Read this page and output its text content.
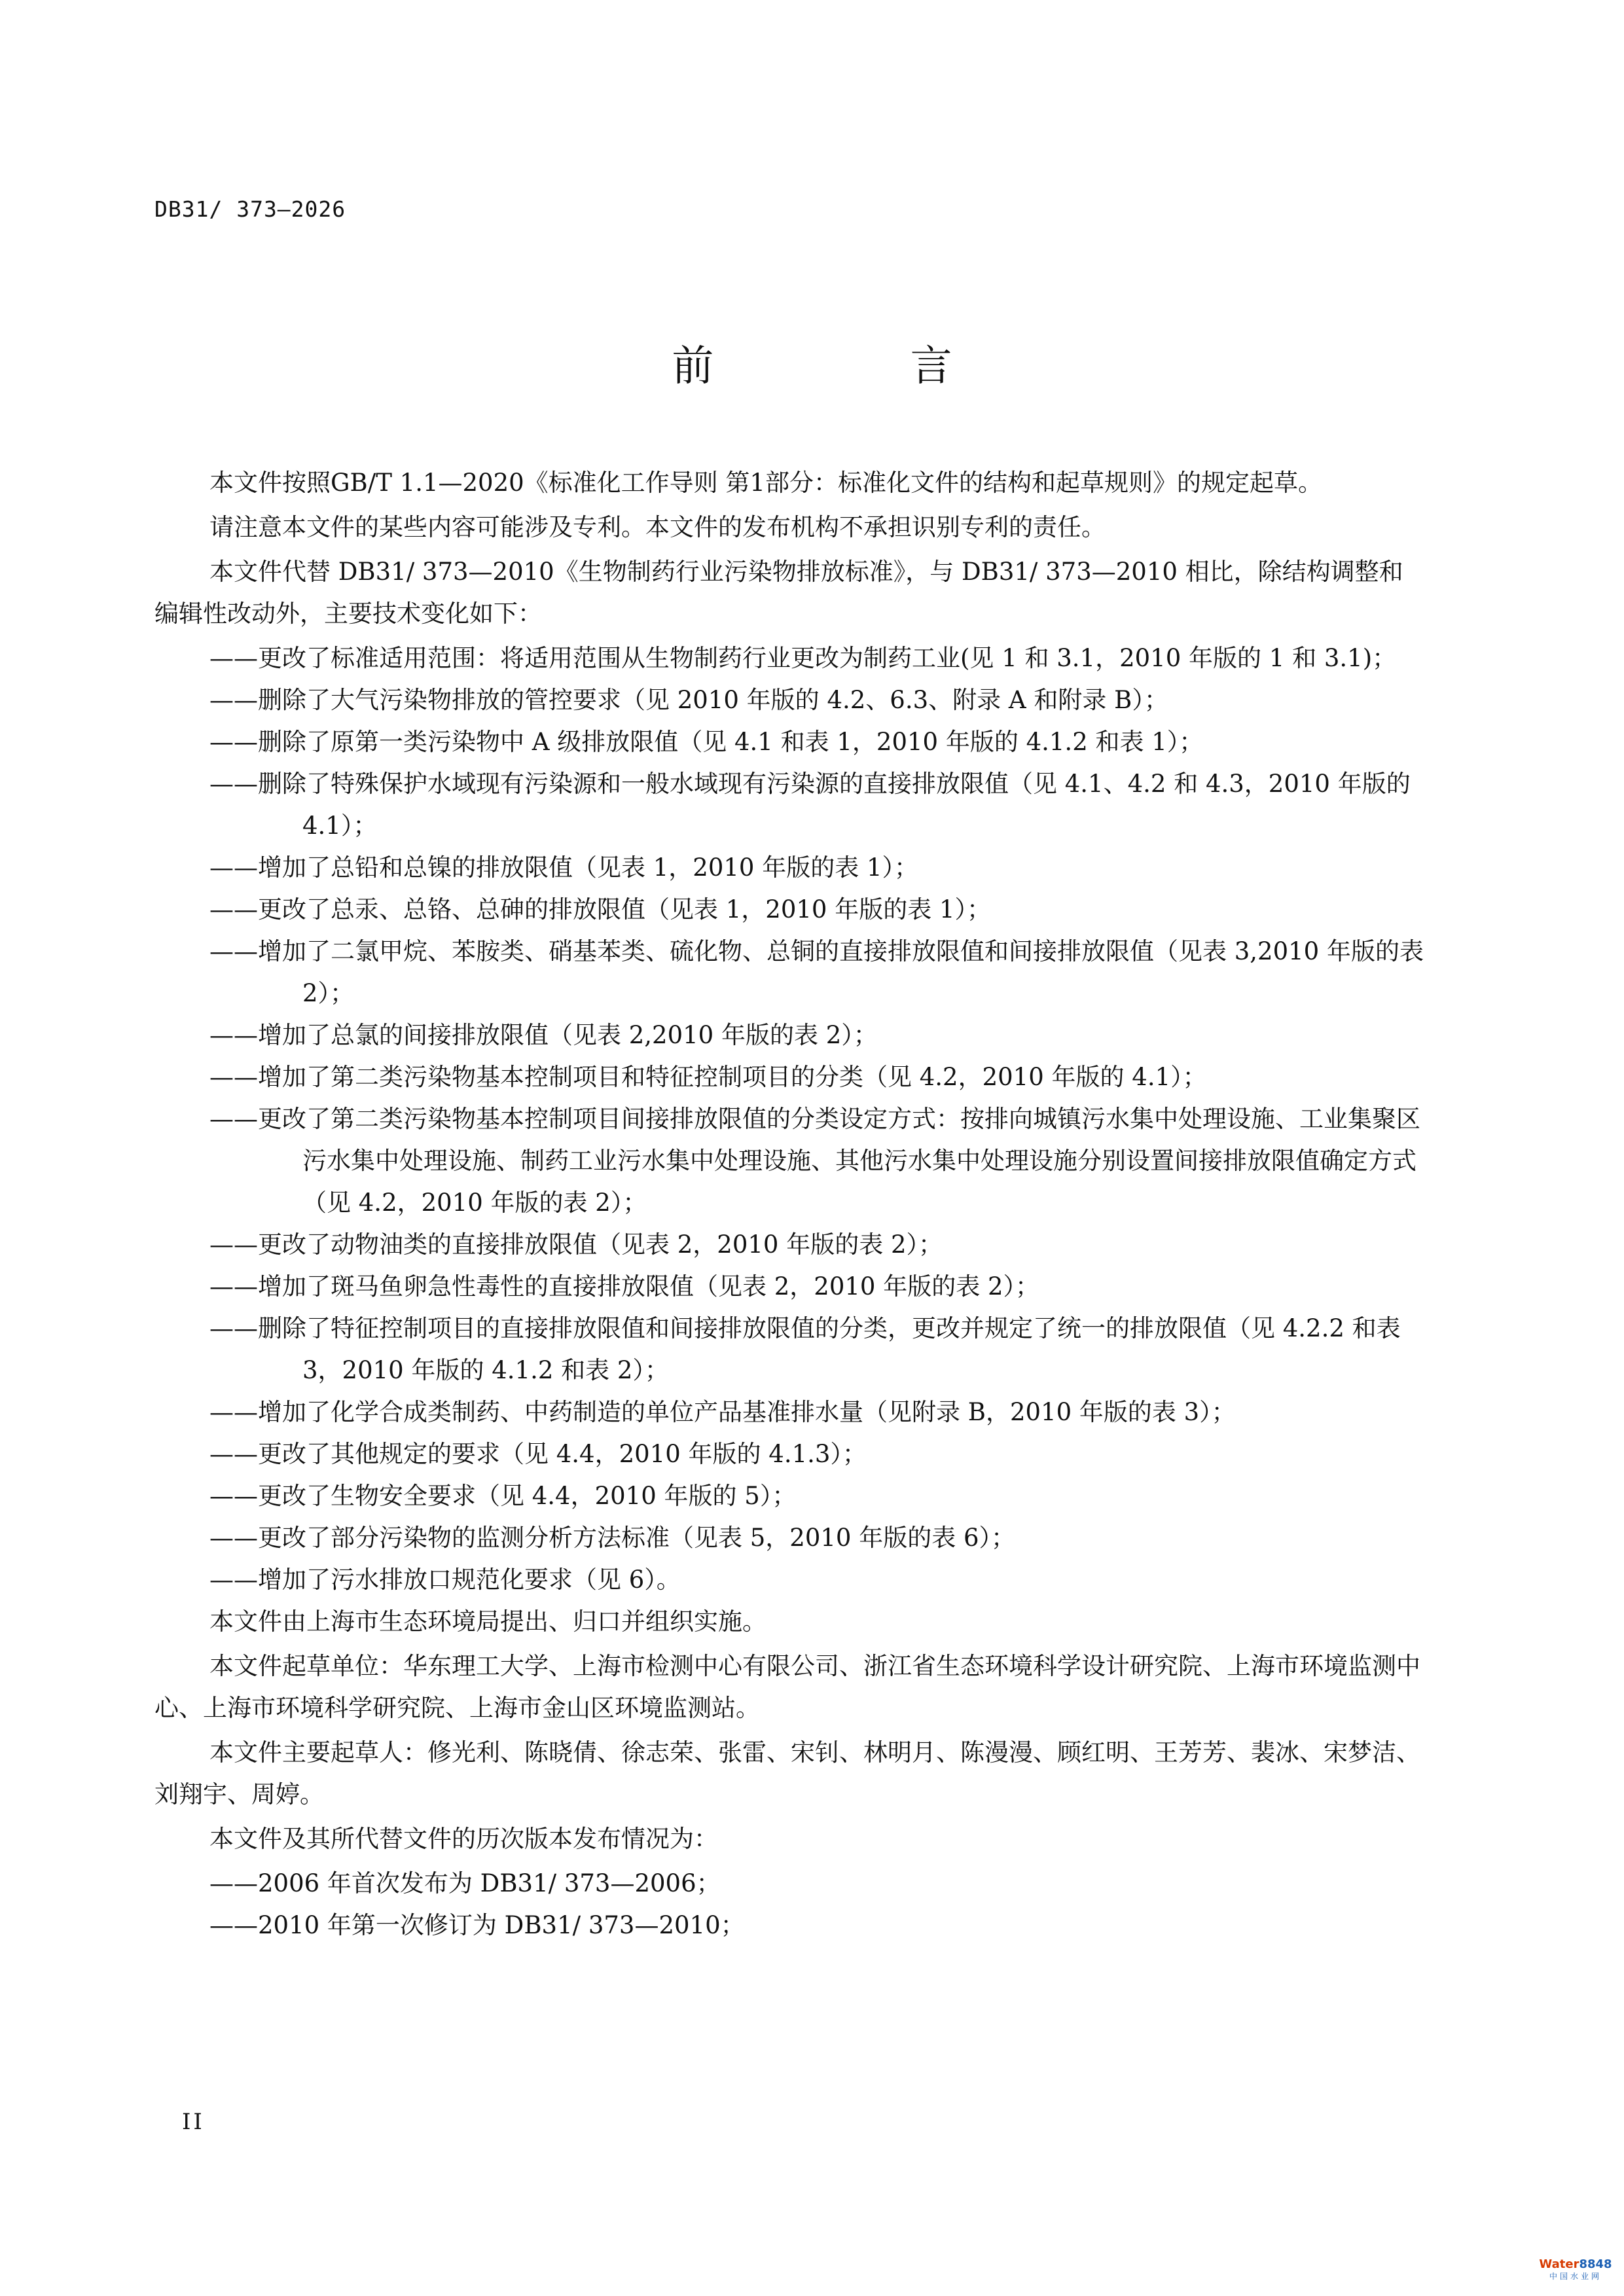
DB31/ 373—2026
前 言

本文件按照GB/T 1.1—2020《标准化工作导则 第1部分：标准化文件的结构和起草规则》的规定起草。

请注意本文件的某些内容可能涉及专利。本文件的发布机构不承担识别专利的责任。

本文件代替 DB31/ 373—2010《生物制药行业污染物排放标准》，与 DB31/ 373—2010 相比，除结构调整和编辑性改动外，主要技术变化如下：

—— 更改了标准适用范围：将适用范围从生物制药行业更改为制药工业(见 1 和 3.1，2010 年版的 1 和 3.1)；
—— 删除了大气污染物排放的管控要求（见 2010 年版的 4.2、6.3、附录 A 和附录 B）；
—— 删除了原第一类污染物中 A 级排放限值（见 4.1 和表 1，2010 年版的 4.1.2 和表 1）；
—— 删除了特殊保护水域现有污染源和一般水域现有污染源的直接排放限值（见 4.1、4.2 和 4.3，2010 年版的 4.1）；
—— 增加了总铅和总镍的排放限值（见表 1，2010 年版的表 1）；
—— 更改了总汞、总铬、总砷的排放限值（见表 1，2010 年版的表 1）；
—— 增加了二氯甲烷、苯胺类、硝基苯类、硫化物、总铜的直接排放限值和间接排放限值（见表 3,2010 年版的表 2）；
—— 增加了总氯的间接排放限值（见表 2,2010 年版的表 2）；
—— 增加了第二类污染物基本控制项目和特征控制项目的分类（见 4.2，2010 年版的 4.1）；
—— 更改了第二类污染物基本控制项目间接排放限值的分类设定方式：按排向城镇污水集中处理设施、工业集聚区污水集中处理设施、制药工业污水集中处理设施、其他污水集中处理设施分别设置间接排放限值确定方式（见 4.2，2010 年版的表 2）；
—— 更改了动物油类的直接排放限值（见表 2，2010 年版的表 2）；
—— 增加了斑马鱼卵急性毒性的直接排放限值（见表 2，2010 年版的表 2）；
—— 删除了特征控制项目的直接排放限值和间接排放限值的分类，更改并规定了统一的排放限值（见 4.2.2 和表 3，2010 年版的 4.1.2 和表 2）；
—— 增加了化学合成类制药、中药制造的单位产品基准排水量（见附录 B，2010 年版的表 3）；
—— 更改了其他规定的要求（见 4.4，2010 年版的 4.1.3）；
—— 更改了生物安全要求（见 4.4，2010 年版的 5）；
—— 更改了部分污染物的监测分析方法标准（见表 5，2010 年版的表 6）；
—— 增加了污水排放口规范化要求（见 6）。

本文件由上海市生态环境局提出、归口并组织实施。

本文件起草单位：华东理工大学、上海市检测中心有限公司、浙江省生态环境科学设计研究院、上海市环境监测中心、上海市环境科学研究院、上海市金山区环境监测站。

本文件主要起草人：修光利、陈晓倩、徐志荣、张雷、宋钊、林明月、陈漫漫、顾红明、王芳芳、裴冰、宋梦洁、刘翔宇、周婷。

本文件及其所代替文件的历次版本发布情况为：

—— 2006 年首次发布为 DB31/ 373—2006；
—— 2010 年第一次修订为 DB31/ 373—2010；
II
Water8848
中国水业网
